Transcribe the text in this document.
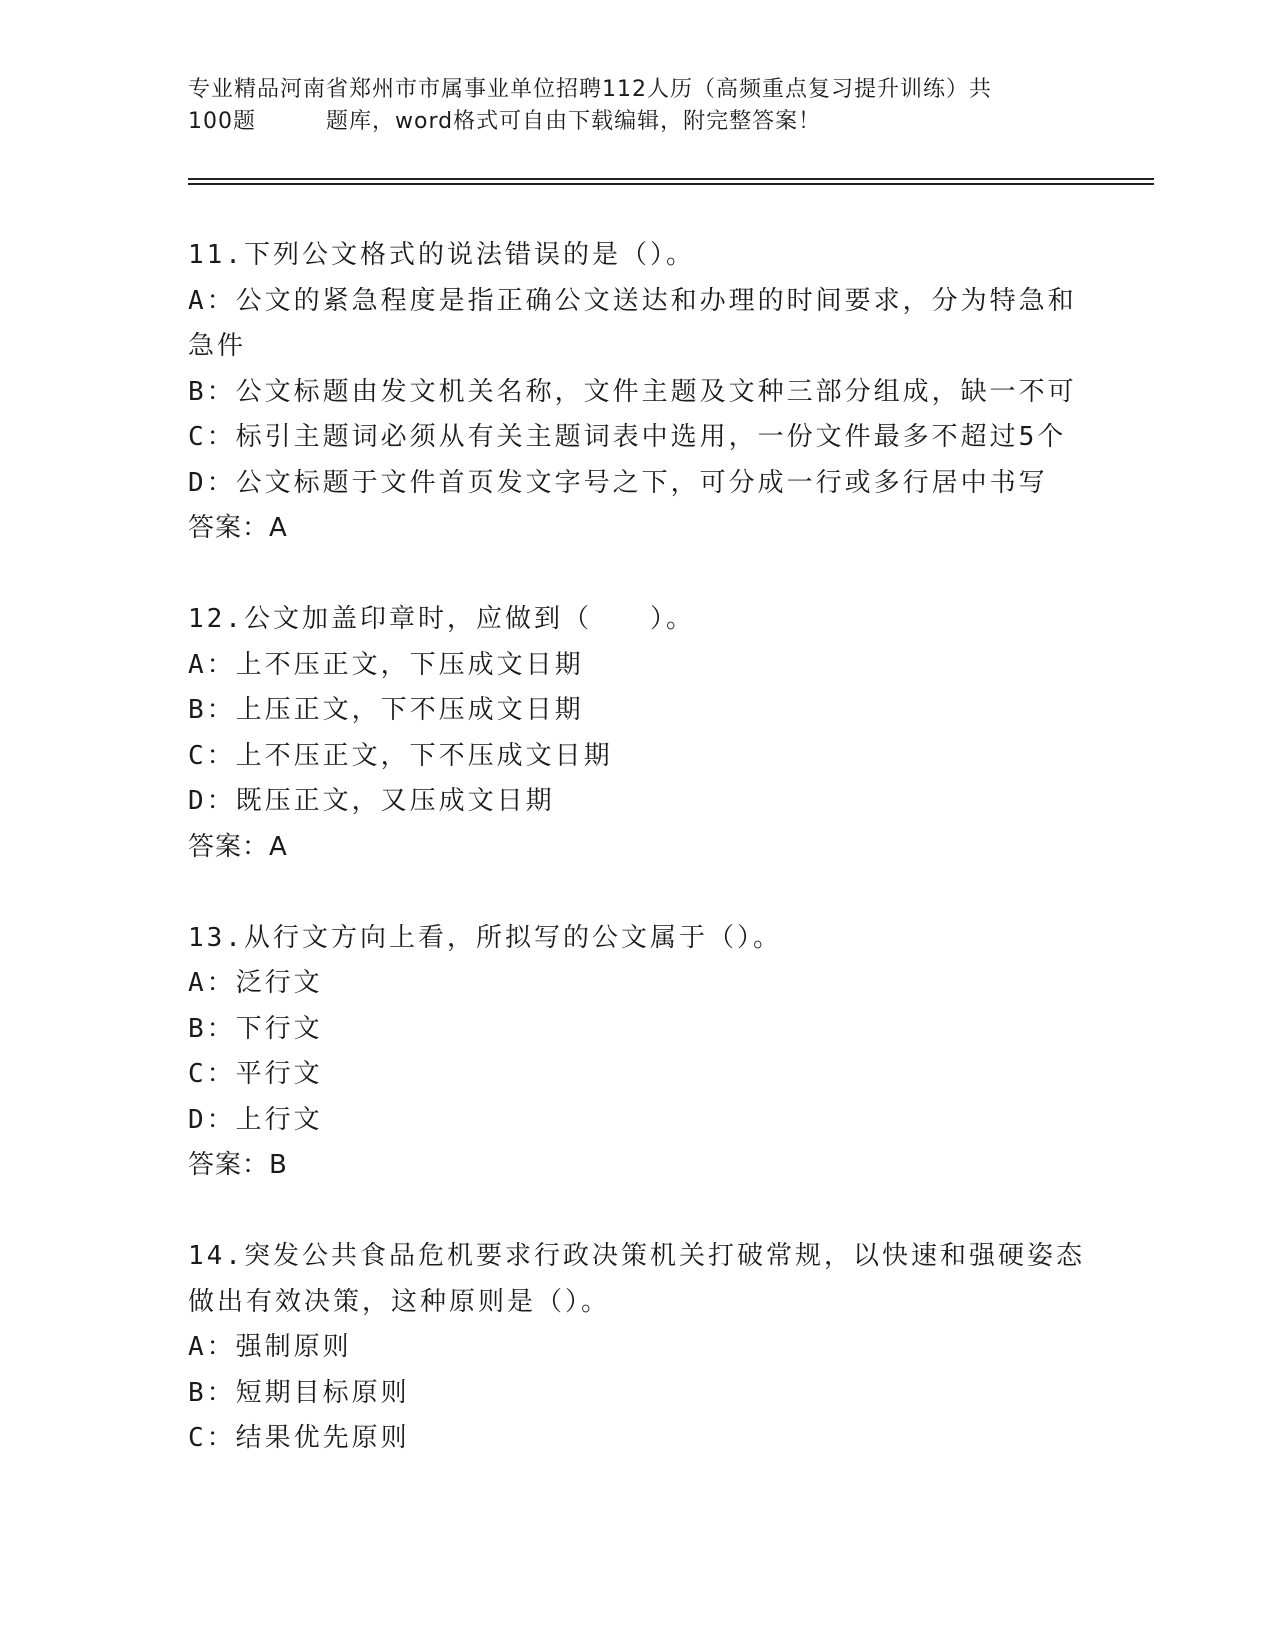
专业精品河南省郑州市市属事业单位招聘112人历（高频重点复习提升训练）共
100题	题库，word格式可自由下载编辑，附完整答案！
11.下列公文格式的说法错误的是（）。
A：公文的紧急程度是指正确公文送达和办理的时间要求，分为特急和
急件
B：公文标题由发文机关名称，文件主题及文种三部分组成，缺一不可
C：标引主题词必须从有关主题词表中选用，一份文件最多不超过5个
D：公文标题于文件首页发文字号之下，可分成一行或多行居中书写
答案：A
12.公文加盖印章时，应做到（　　）。
A：上不压正文，下压成文日期
B：上压正文，下不压成文日期
C：上不压正文，下不压成文日期
D：既压正文，又压成文日期
答案：A
13.从行文方向上看，所拟写的公文属于（）。
A：泛行文
B：下行文
C：平行文
D：上行文
答案：B
14.突发公共食品危机要求行政决策机关打破常规，以快速和强硬姿态
做出有效决策，这种原则是（）。
A：强制原则
B：短期目标原则
C：结果优先原则
